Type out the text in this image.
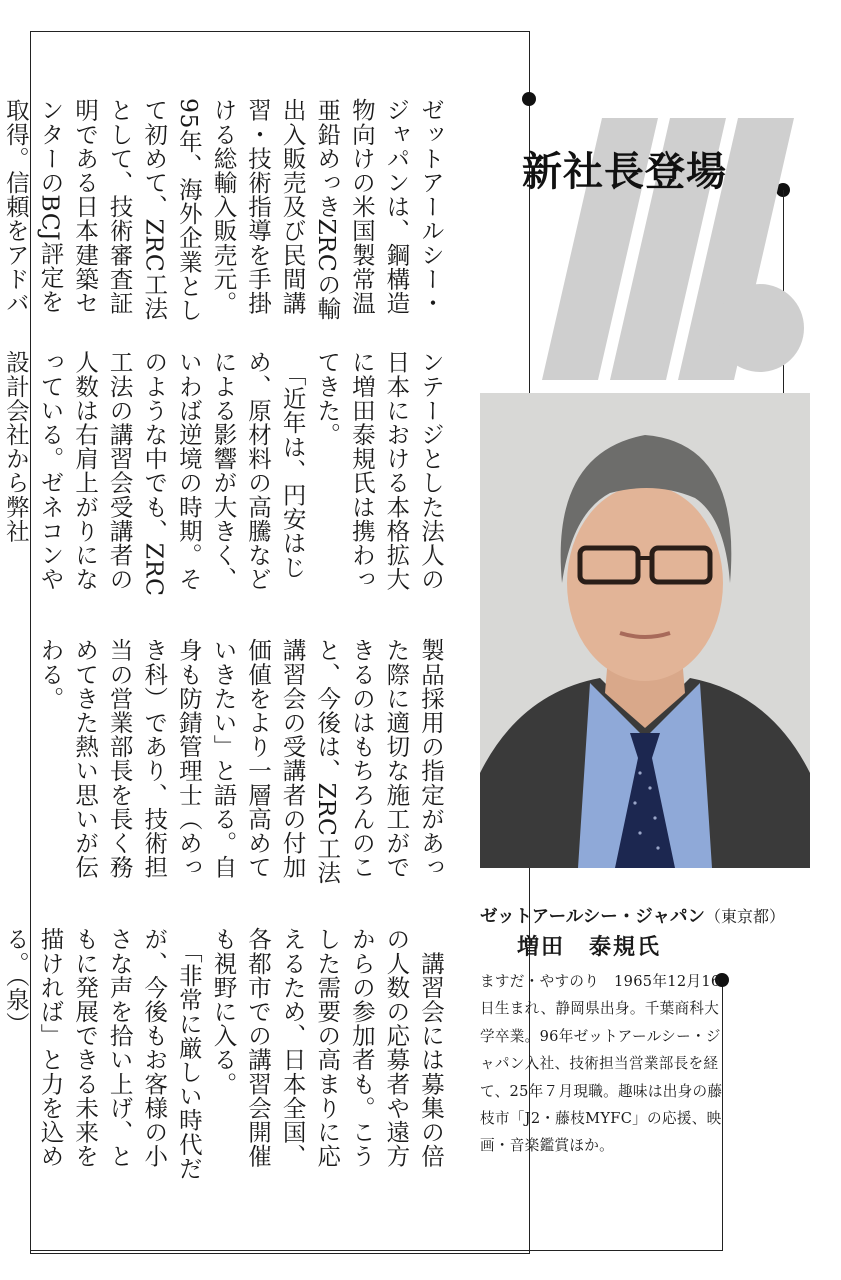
新社長登場

ゼットアールシー・ジャパンは、鋼構造物向けの米国製常温亜鉛めっきZRCの輸出入販売及び民間講習・技術指導を手掛ける総輸入販売元。95年、海外企業として初めて、ZRC工法として、技術審査証明である日本建築センターのBCJ評定を取得。信頼をアドバ

ンテージとした法人の日本における本格拡大に増田泰規氏は携わってきた。
　「近年は、円安はじめ、原材料の高騰などによる影響が大きく、いわば逆境の時期。そのような中でも、ZRC工法の講習会受講者の人数は右肩上がりになっている。ゼネコンや設計会社から弊社

製品採用の指定があった際に適切な施工ができるのはもちろんのこと、今後は、ZRC工法講習会の受講者の付加価値をより一層高めていきたい」と語る。自身も防錆管理士（めっき科）であり、技術担当の営業部長を長く務めてきた熱い思いが伝わる。

　講習会には募集の倍の人数の応募者や遠方からの参加者も。こうした需要の高まりに応えるため、日本全国、各都市での講習会開催も視野に入る。
　「非常に厳しい時代だが、今後もお客様の小さな声を拾い上げ、ともに発展できる未来を描ければ」と力を込める。（泉）

ゼットアールシー・ジャパン（東京都）
増田　泰規氏

ますだ・やすのり　1965年12月16日生まれ、静岡県出身。千葉商科大学卒業。96年ゼットアールシー・ジャパン入社、技術担当営業部長を経て、25年７月現職。趣味は出身の藤枝市「J2・藤枝MYFC」の応援、映画・音楽鑑賞ほか。
